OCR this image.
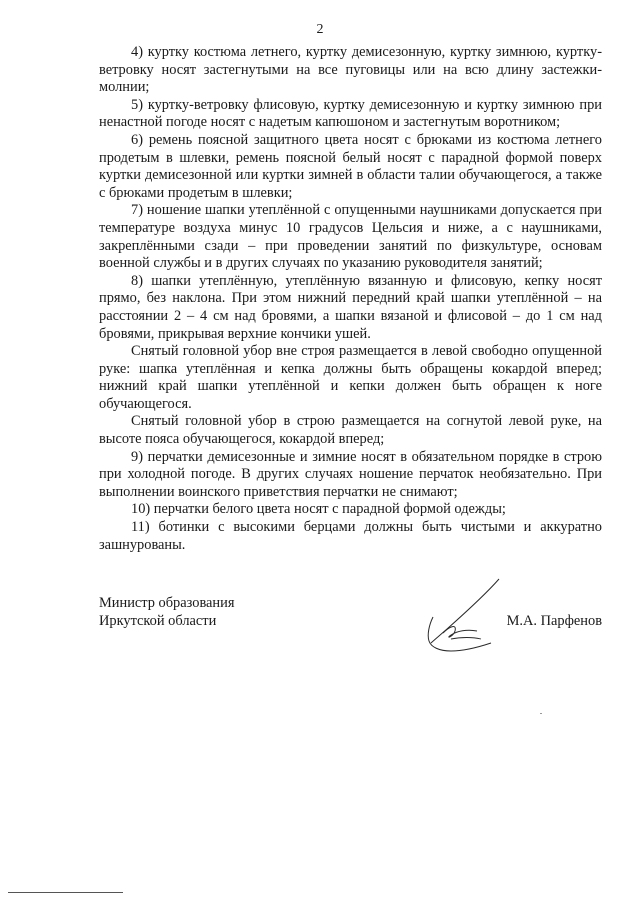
2

4) куртку костюма летнего, куртку демисезонную, куртку зимнюю, куртку-ветровку носят застегнутыми на все пуговицы или на всю длину застежки-молнии;

5) куртку-ветровку флисовую, куртку демисезонную и куртку зимнюю при ненастной погоде носят с надетым капюшоном и застегнутым воротником;

6) ремень поясной защитного цвета носят с брюками из костюма летнего продетым в шлевки, ремень поясной белый носят с парадной формой поверх куртки демисезонной или куртки зимней в области талии обучающегося, а также с брюками продетым в шлевки;

7) ношение шапки утеплённой с опущенными наушниками допускается при температуре воздуха минус 10 градусов Цельсия и ниже, а с наушниками, закреплёнными сзади – при проведении занятий по физкультуре, основам военной службы и в других случаях по указанию руководителя занятий;

8) шапки утеплённую, утеплённую вязанную и флисовую, кепку носят прямо, без наклона. При этом нижний передний край шапки утеплённой – на расстоянии 2 – 4 см над бровями, а шапки вязаной и флисовой – до 1 см над бровями, прикрывая верхние кончики ушей.

Снятый головной убор вне строя размещается в левой свободно опущенной руке: шапка утеплённая и кепка должны быть обращены кокардой вперед; нижний край шапки утеплённой и кепки должен быть обращен к ноге обучающегося.

Снятый головной убор в строю размещается на согнутой левой руке, на высоте пояса обучающегося, кокардой вперед;

9) перчатки демисезонные и зимние носят в обязательном порядке в строю при холодной погоде. В других случаях ношение перчаток необязательно. При выполнении воинского приветствия перчатки не снимают;

10) перчатки белого цвета носят с парадной формой одежды;

11) ботинки с высокими берцами должны быть чистыми и аккуратно зашнурованы.

Министр образования
Иркутской области	М.А. Парфенов
